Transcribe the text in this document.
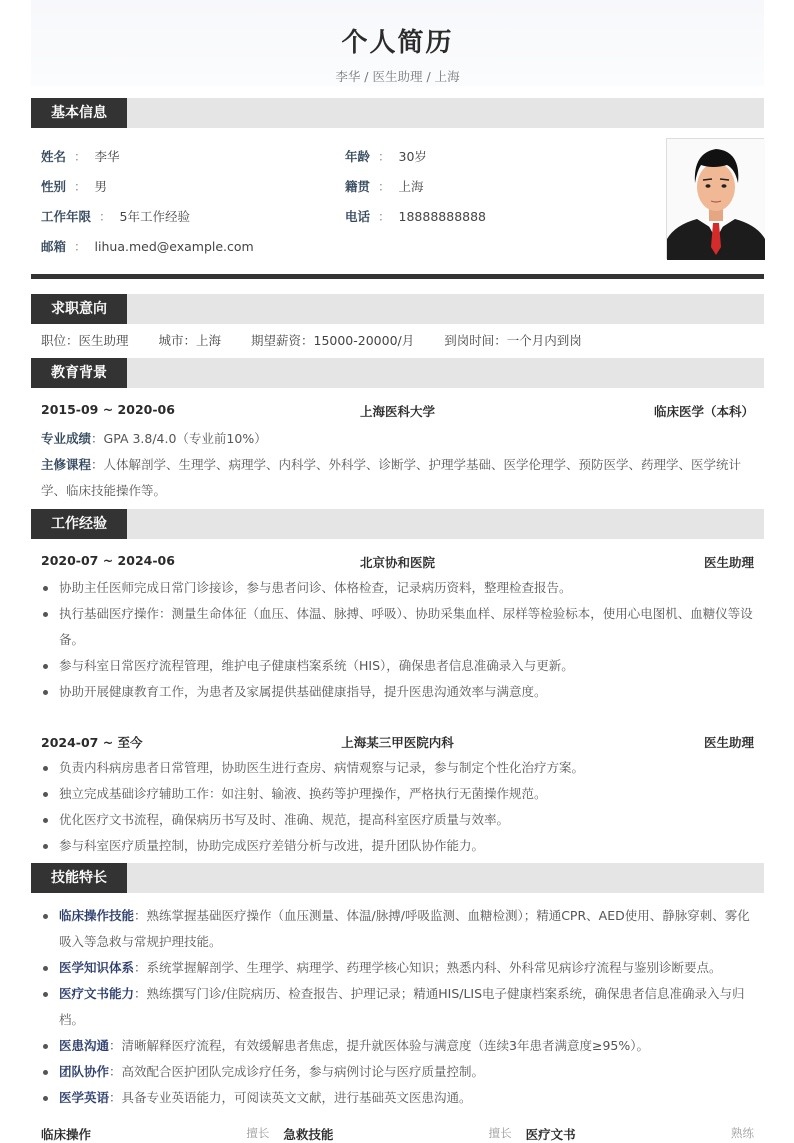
个人简历
李华 / 医生助理 / 上海
基本信息
姓名 ： 李华	年龄 ： 30岁
性别 ： 男	籍贯 ： 上海
工作年限 ： 5年工作经验	电话 ： 18888888888
邮箱 ： lihua.med@example.com
求职意向
职位：医生助理 城市：上海 期望薪资：15000-20000/月 到岗时间：一个月内到岗
教育背景
2015-09 ~ 2020-06	上海医科大学	临床医学（本科）
专业成绩：GPA 3.8/4.0（专业前10%）
主修课程：人体解剖学、生理学、病理学、内科学、外科学、诊断学、护理学基础、医学伦理学、预防医学、药理学、医学统计学、临床技能操作等。
工作经验
2020-07 ~ 2024-06	北京协和医院	医生助理
协助主任医师完成日常门诊接诊，参与患者问诊、体格检查，记录病历资料，整理检查报告。
执行基础医疗操作：测量生命体征（血压、体温、脉搏、呼吸）、协助采集血样、尿样等检验标本，使用心电图机、血糖仪等设备。
参与科室日常医疗流程管理，维护电子健康档案系统（HIS），确保患者信息准确录入与更新。
协助开展健康教育工作，为患者及家属提供基础健康指导，提升医患沟通效率与满意度。
2024-07 ~ 至今	上海某三甲医院内科	医生助理
负责内科病房患者日常管理，协助医生进行查房、病情观察与记录，参与制定个性化治疗方案。
独立完成基础诊疗辅助工作：如注射、输液、换药等护理操作，严格执行无菌操作规范。
优化医疗文书流程，确保病历书写及时、准确、规范，提高科室医疗质量与效率。
参与科室医疗质量控制，协助完成医疗差错分析与改进，提升团队协作能力。
技能特长
临床操作技能：熟练掌握基础医疗操作（血压测量、体温/脉搏/呼吸监测、血糖检测）；精通CPR、AED使用、静脉穿刺、雾化吸入等急救与常规护理技能。
医学知识体系：系统掌握解剖学、生理学、病理学、药理学核心知识；熟悉内科、外科常见病诊疗流程与鉴别诊断要点。
医疗文书能力：熟练撰写门诊/住院病历、检查报告、护理记录；精通HIS/LIS电子健康档案系统，确保患者信息准确录入与归档。
医患沟通：清晰解释医疗流程，有效缓解患者焦虑，提升就医体验与满意度（连续3年患者满意度≥95%）。
团队协作：高效配合医护团队完成诊疗任务，参与病例讨论与医疗质量控制。
医学英语：具备专业英语能力，可阅读英文文献，进行基础英文医患沟通。
临床操作	擅长 急救技能	擅长 医疗文书	熟练
